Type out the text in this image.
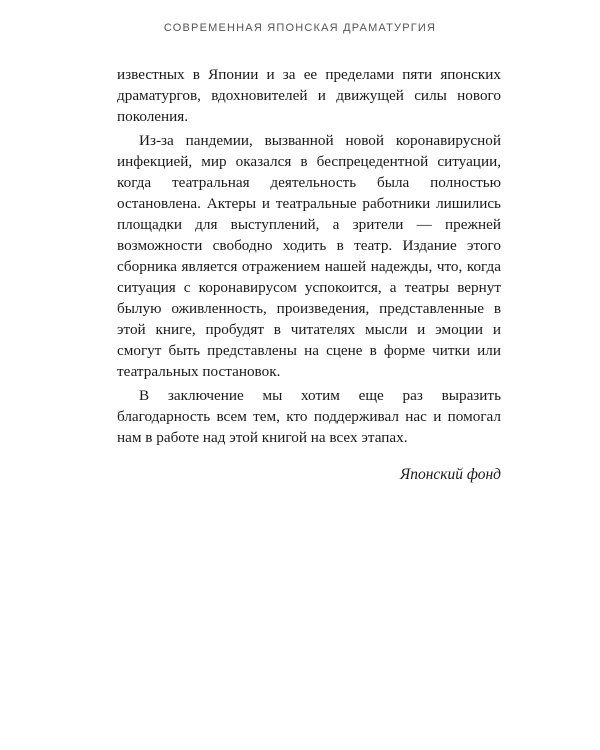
СОВРЕМЕННАЯ ЯПОНСКАЯ ДРАМАТУРГИЯ

известных в Японии и за ее пределами пяти японских драматургов, вдохновителей и движущей силы нового поколения.

Из-за пандемии, вызванной новой коронавирусной инфекцией, мир оказался в беспрецедентной ситуации, когда театральная деятельность была полностью остановлена. Актеры и театральные работники лишились площадки для выступлений, а зрители — прежней возможности свободно ходить в театр. Издание этого сборника является отражением нашей надежды, что, когда ситуация с коронавирусом успокоится, а театры вернут былую оживленность, произведения, представленные в этой книге, пробудят в читателях мысли и эмоции и смогут быть представлены на сцене в форме читки или театральных постановок.

В заключение мы хотим еще раз выразить благодарность всем тем, кто поддерживал нас и помогал нам в работе над этой книгой на всех этапах.

Японский фонд
